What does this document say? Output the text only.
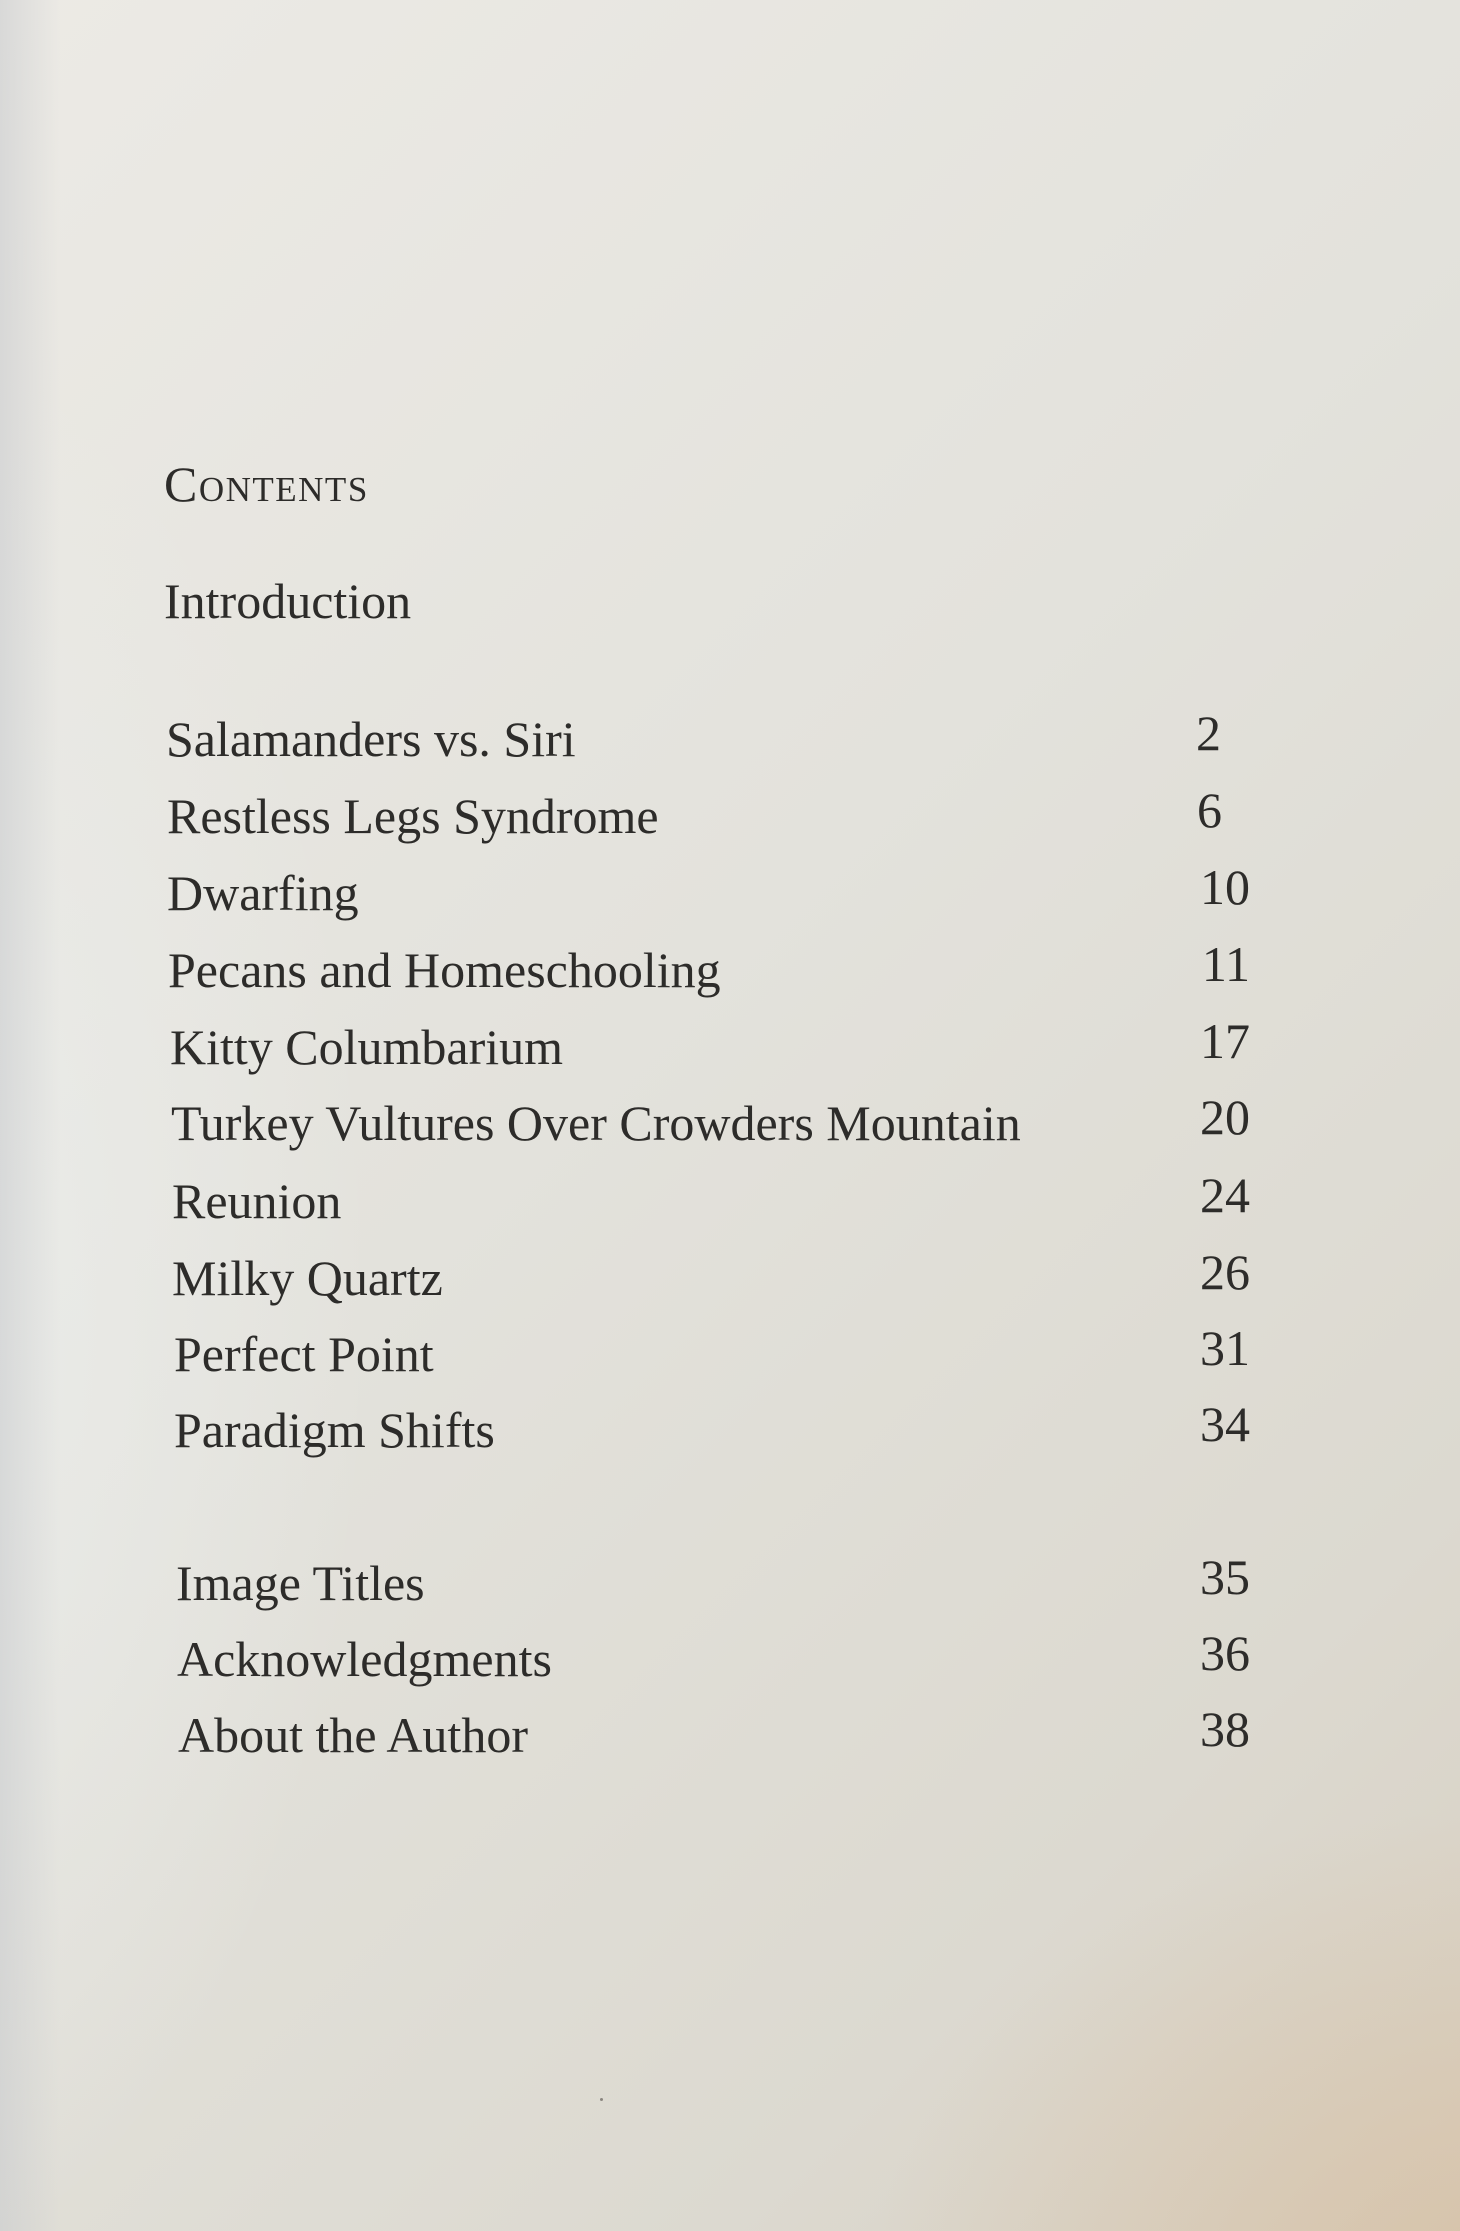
Contents
Introduction
Salamanders vs. Siri	2
Restless Legs Syndrome	6
Dwarfing	10
Pecans and Homeschooling	11
Kitty Columbarium	17
Turkey Vultures Over Crowders Mountain	20
Reunion	24
Milky Quartz	26
Perfect Point	31
Paradigm Shifts	34
Image Titles	35
Acknowledgments	36
About the Author	38
